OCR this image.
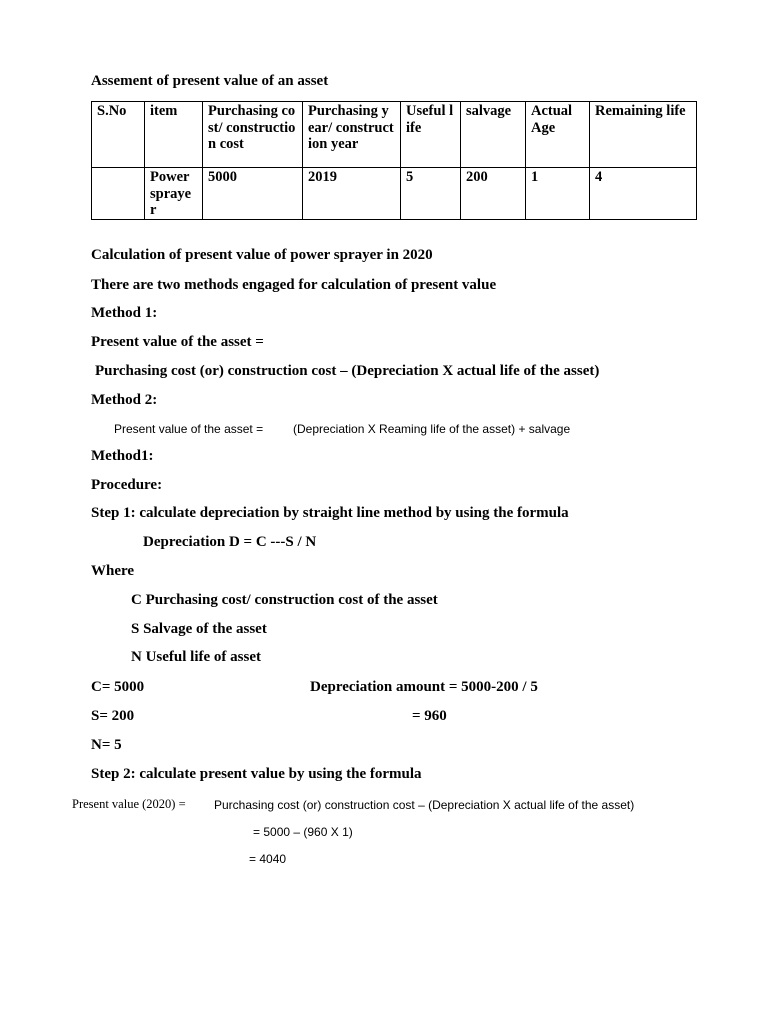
Assement of present value of an asset
S.No	item	Purchasing cost/ construction cost	Purchasing year/ construction year	Useful life	salvage	Actual Age	Remaining life
	Power sprayer	5000	2019	5	200	1	4
Calculation of present value of power sprayer in 2020
There are two methods engaged for calculation of present value
Method 1:
Present value of the asset =
Purchasing cost (or) construction cost – (Depreciation X actual life of the asset)
Method 2:
Present value of the asset = (Depreciation X Reaming life of the asset) + salvage
Method1:
Procedure:
Step 1: calculate depreciation by straight line method by using the formula
Depreciation D = C ---S / N
Where
C Purchasing cost/ construction cost of the asset
S Salvage of the asset
N Useful life of asset
C= 5000	Depreciation amount = 5000-200 / 5
S= 200	= 960
N= 5
Step 2: calculate present value by using the formula
Present value (2020) = Purchasing cost (or) construction cost – (Depreciation X actual life of the asset)
= 5000 – (960 X 1)
= 4040
